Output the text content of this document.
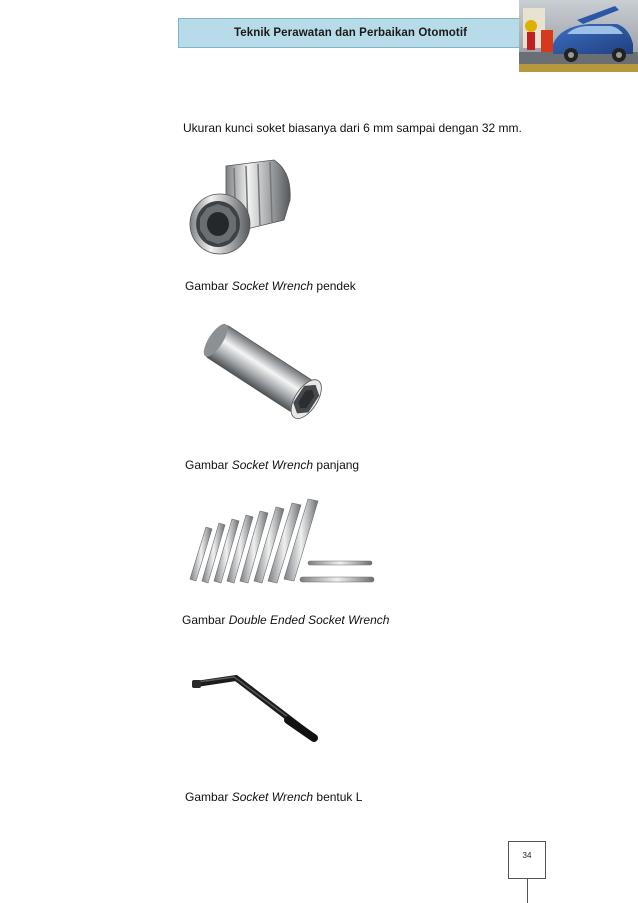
Teknik Perawatan dan Perbaikan Otomotif
Ukuran kunci soket biasanya dari 6 mm sampai dengan 32 mm.
Gambar Socket Wrench pendek
Gambar Socket Wrench panjang
Gambar Double Ended Socket Wrench
Gambar Socket Wrench bentuk L
34
